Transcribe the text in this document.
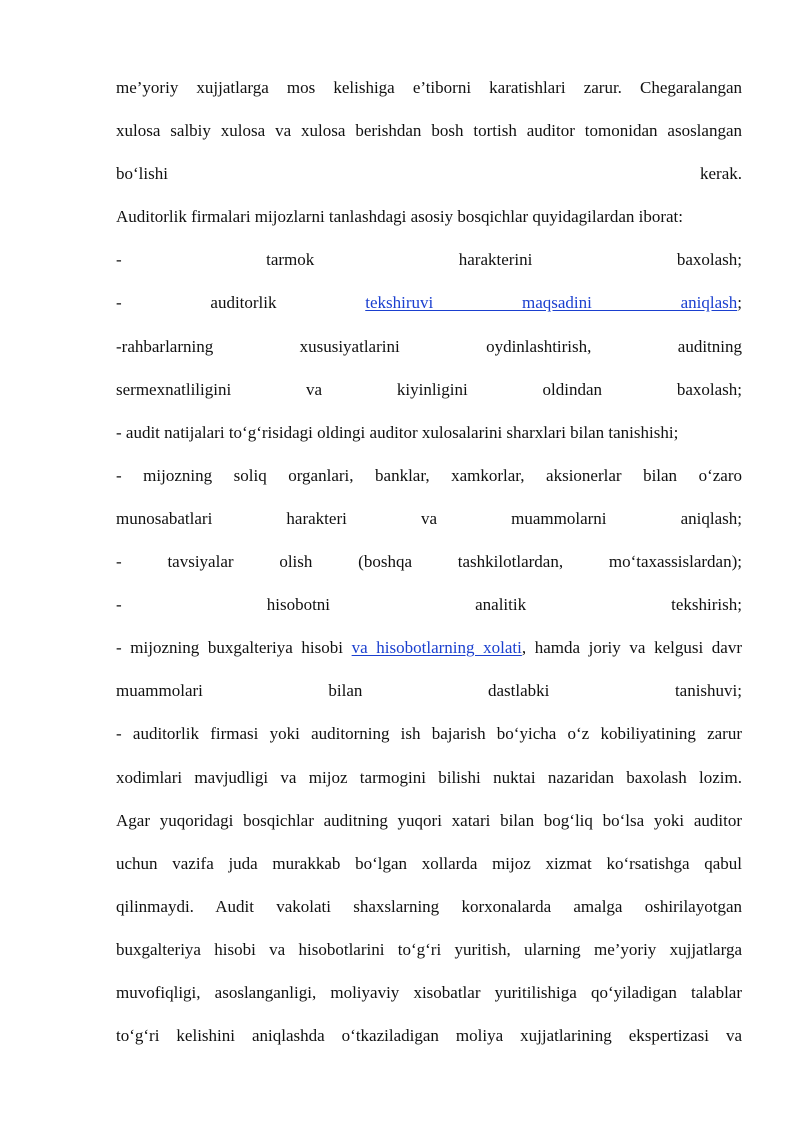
me’yoriy xujjatlarga mos kelishiga e’tiborni karatishlari zarur. Chegaralangan
xulosa salbiy xulosa va xulosa berishdan bosh tortish auditor tomonidan asoslangan
bo‘lishi kerak.
Auditorlik firmalari mijozlarni tanlashdagi asosiy bosqichlar quyidagilardan iborat:
- tarmok harakterini baxolash;
- auditorlik tekshiruvi maqsadini aniqlash;
-rahbarlarning xususiyatlarini oydinlashtirish, auditning
sermexnatliligini va kiyinligini oldindan baxolash;
- audit natijalari to‘g‘risidagi oldingi auditor xulosalarini sharxlari bilan tanishishi;
- mijozning soliq organlari, banklar, xamkorlar, aksionerlar bilan o‘zaro
munosabatlari harakteri va muammolarni aniqlash;
- tavsiyalar olish (boshqa tashkilotlardan, mo‘taxassislardan);
- hisobotni analitik tekshirish;
- mijozning buxgalteriya hisobi va hisobotlarning xolati, hamda joriy va kelgusi davr
muammolari bilan dastlabki tanishuvi;
- auditorlik firmasi yoki auditorning ish bajarish bo‘yicha o‘z kobiliyatining zarur
xodimlari mavjudligi va mijoz tarmogini bilishi nuktai nazaridan baxolash lozim.
Agar yuqoridagi bosqichlar auditning yuqori xatari bilan bog‘liq bo‘lsa yoki auditor
uchun vazifa juda murakkab bo‘lgan xollarda mijoz xizmat ko‘rsatishga qabul
qilinmaydi. Audit vakolati shaxslarning korxonalarda amalga oshirilayotgan
buxgalteriya hisobi va hisobotlarini to‘g‘ri yuritish, ularning me’yoriy xujjatlarga
muvofiqligi, asoslanganligi, moliyaviy xisobatlar yuritilishiga qo‘yiladigan talablar
to‘g‘ri kelishini aniqlashda o‘tkaziladigan moliya xujjatlarining ekspertizasi va
